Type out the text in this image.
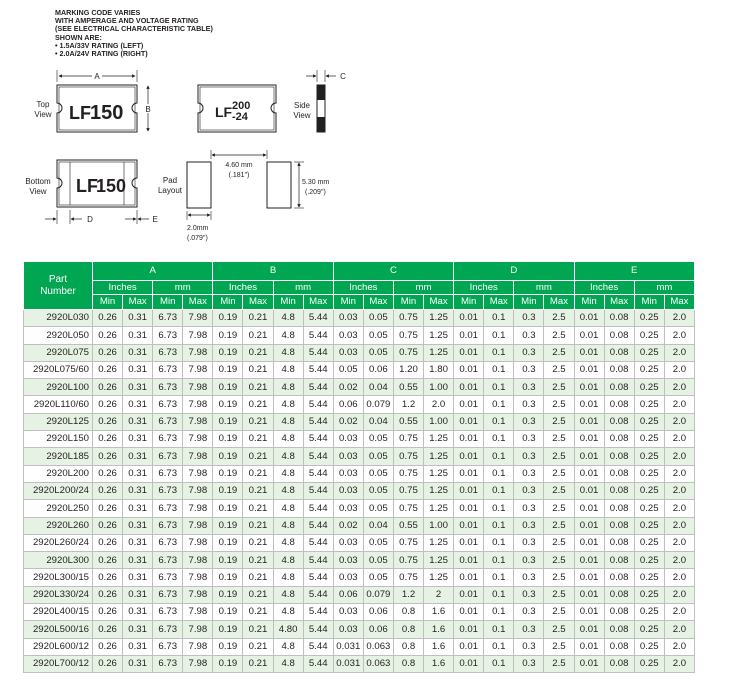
MARKING CODE VARIES
WITH AMPERAGE AND VOLTAGE RATING
(SEE ELECTRICAL CHARACTERISTIC TABLE)
SHOWN ARE:
• 1.5A/33V RATING (LEFT)
• 2.0A/24V RATING (RIGHT)
LF 150
A
B
Top
View	LF 200
-24
Side
View
C
Bottom
View LF
150
D	E
Pad
Layout
4.60 mm
(.181")
5.30 mm
(.209")
2.0mm
(.079")
Part
Number	A				B				C				D				E			
	Inches		mm		Inches		mm		Inches		mm		Inches		mm		Inches		mm	
	Min	Max	Min	Max	Min	Max	Min	Max	Min	Max	Min	Max	Min	Max	Min	Max	Min	Max	Min	Max
2920L030	0.26	0.31	6.73	7.98	0.19	0.21	4.8	5.44	0.03	0.05	0.75	1.25	0.01	0.1	0.3	2.5	0.01	0.08	0.25	2.0
2920L050	0.26	0.31	6.73	7.98	0.19	0.21	4.8	5.44	0.03	0.05	0.75	1.25	0.01	0.1	0.3	2.5	0.01	0.08	0.25	2.0
2920L075	0.26	0.31	6.73	7.98	0.19	0.21	4.8	5.44	0.03	0.05	0.75	1.25	0.01	0.1	0.3	2.5	0.01	0.08	0.25	2.0
2920L075/60	0.26	0.31	6.73	7.98	0.19	0.21	4.8	5.44	0.05	0.06	1.20	1.80	0.01	0.1	0.3	2.5	0.01	0.08	0.25	2.0
2920L100	0.26	0.31	6.73	7.98	0.19	0.21	4.8	5.44	0.02	0.04	0.55	1.00	0.01	0.1	0.3	2.5	0.01	0.08	0.25	2.0
2920L110/60	0.26	0.31	6.73	7.98	0.19	0.21	4.8	5.44	0.06	0.079	1.2	2.0	0.01	0.1	0.3	2.5	0.01	0.08	0.25	2.0
2920L125	0.26	0.31	6.73	7.98	0.19	0.21	4.8	5.44	0.02	0.04	0.55	1.00	0.01	0.1	0.3	2.5	0.01	0.08	0.25	2.0
2920L150	0.26	0.31	6.73	7.98	0.19	0.21	4.8	5.44	0.03	0.05	0.75	1.25	0.01	0.1	0.3	2.5	0.01	0.08	0.25	2.0
2920L185	0.26	0.31	6.73	7.98	0.19	0.21	4.8	5.44	0.03	0.05	0.75	1.25	0.01	0.1	0.3	2.5	0.01	0.08	0.25	2.0
2920L200	0.26	0.31	6.73	7.98	0.19	0.21	4.8	5.44	0.03	0.05	0.75	1.25	0.01	0.1	0.3	2.5	0.01	0.08	0.25	2.0
2920L200/24	0.26	0.31	6.73	7.98	0.19	0.21	4.8	5.44	0.03	0.05	0.75	1.25	0.01	0.1	0.3	2.5	0.01	0.08	0.25	2.0
2920L250	0.26	0.31	6.73	7.98	0.19	0.21	4.8	5.44	0.03	0.05	0.75	1.25	0.01	0.1	0.3	2.5	0.01	0.08	0.25	2.0
2920L260	0.26	0.31	6.73	7.98	0.19	0.21	4.8	5.44	0.02	0.04	0.55	1.00	0.01	0.1	0.3	2.5	0.01	0.08	0.25	2.0
2920L260/24	0.26	0.31	6.73	7.98	0.19	0.21	4.8	5.44	0.03	0.05	0.75	1.25	0.01	0.1	0.3	2.5	0.01	0.08	0.25	2.0
2920L300	0.26	0.31	6.73	7.98	0.19	0.21	4.8	5.44	0.03	0.05	0.75	1.25	0.01	0.1	0.3	2.5	0.01	0.08	0.25	2.0
2920L300/15	0.26	0.31	6.73	7.98	0.19	0.21	4.8	5.44	0.03	0.05	0.75	1.25	0.01	0.1	0.3	2.5	0.01	0.08	0.25	2.0
2920L330/24	0.26	0.31	6.73	7.98	0.19	0.21	4.8	5.44	0.06	0.079	1.2	2	0.01	0.1	0.3	2.5	0.01	0.08	0.25	2.0
2920L400/15	0.26	0.31	6.73	7.98	0.19	0.21	4.8	5.44	0.03	0.06	0.8	1.6	0.01	0.1	0.3	2.5	0.01	0.08	0.25	2.0
2920L500/16	0.26	0.31	6.73	7.98	0.19	0.21	4.80	5.44	0.03	0.06	0.8	1.6	0.01	0.1	0.3	2.5	0.01	0.08	0.25	2.0
2920L600/12	0.26	0.31	6.73	7.98	0.19	0.21	4.8	5.44	0.031	0.063	0.8	1.6	0.01	0.1	0.3	2.5	0.01	0.08	0.25	2.0
2920L700/12	0.26	0.31	6.73	7.98	0.19	0.21	4.8	5.44	0.031	0.063	0.8	1.6	0.01	0.1	0.3	2.5	0.01	0.08	0.25	2.0
